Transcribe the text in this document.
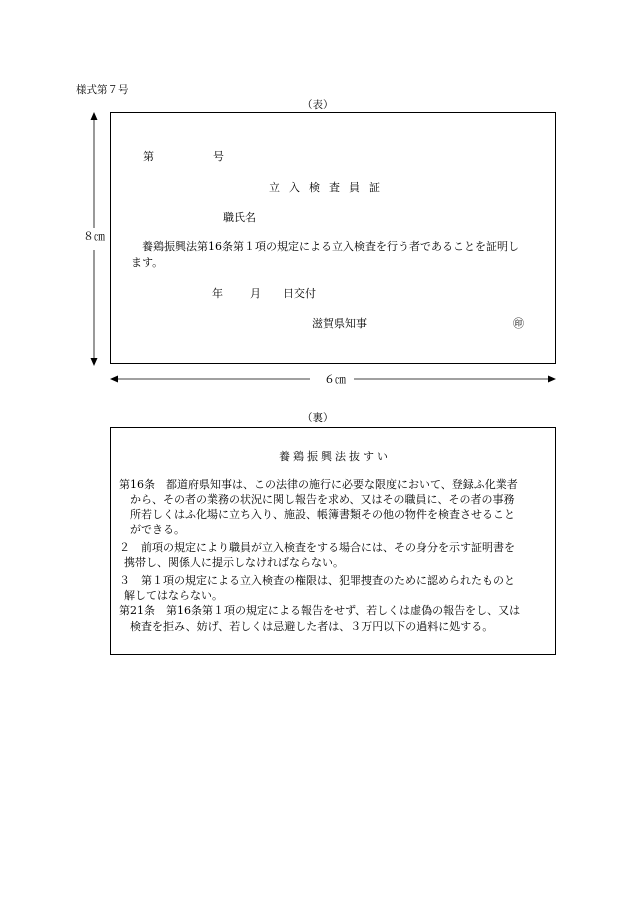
様式第７号
（表）
８㎝
第	号
立入検査員証
職氏名
養鶏振興法第16条第１項の規定による立入検査を行う者であることを証明し
ます。
年 月 日交付
滋賀県知事	㊞
６㎝
（裏）
養鶏振興法抜すい
第16条　都道府県知事は、この法律の施行に必要な限度において、登録ふ化業者
から、その者の業務の状況に関し報告を求め、又はその職員に、その者の事務
所若しくはふ化場に立ち入り、施設、帳簿書類その他の物件を検査させること
ができる。
２　前項の規定により職員が立入検査をする場合には、その身分を示す証明書を
携帯し、関係人に提示しなければならない。
３　第１項の規定による立入検査の権限は、犯罪捜査のために認められたものと
解してはならない。
第21条　第16条第１項の規定による報告をせず、若しくは虚偽の報告をし、又は
検査を拒み、妨げ、若しくは忌避した者は、３万円以下の過料に処する。
